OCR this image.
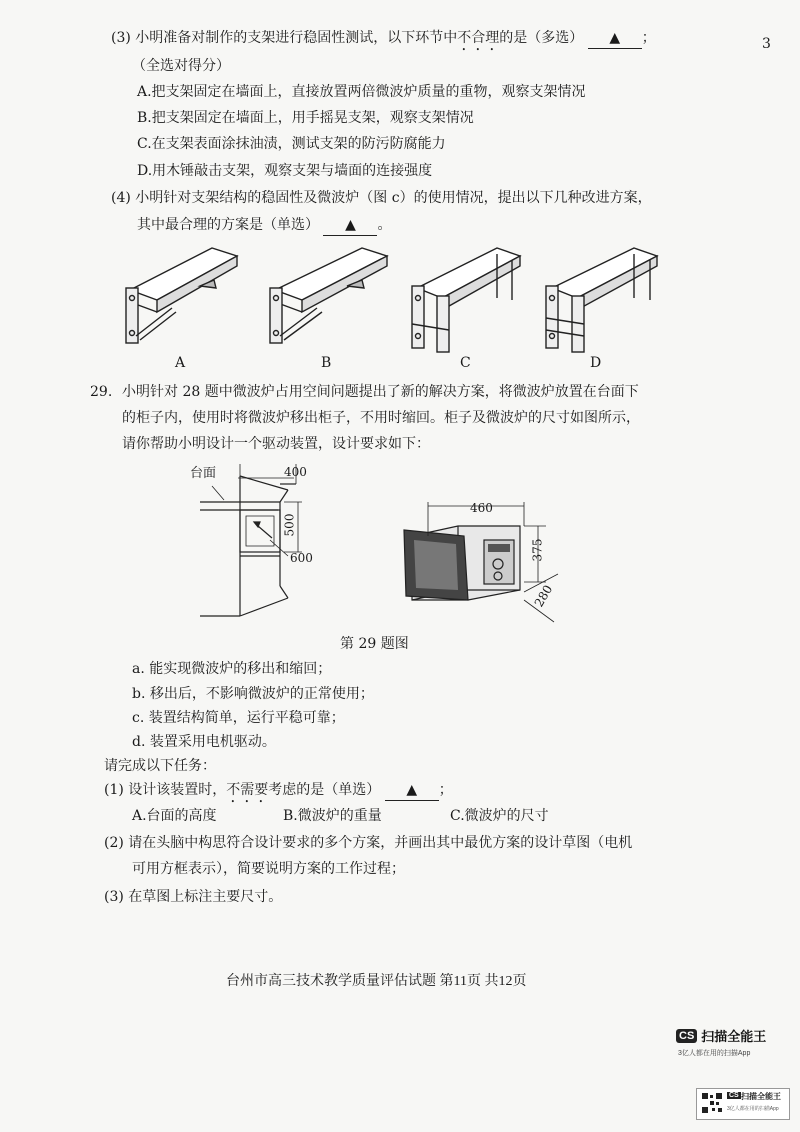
3
(3) 小明准备对制作的支架进行稳固性测试，以下环节中不合理的是（多选） ▲ ；
（全选对得分）
A.把支架固定在墙面上，直接放置两倍微波炉质量的重物，观察支架情况
B.把支架固定在墙面上，用手摇晃支架，观察支架情况
C.在支架表面涂抹油渍，测试支架的防污防腐能力
D.用木锤敲击支架，观察支架与墙面的连接强度
(4) 小明针对支架结构的稳固性及微波炉（图 c）的使用情况，提出以下几种改进方案，
其中最合理的方案是（单选） ▲ 。
A	B	C	D
29. 小明针对 28 题中微波炉占用空间问题提出了新的解决方案，将微波炉放置在台面下
的柜子内，使用时将微波炉移出柜子，不用时缩回。柜子及微波炉的尺寸如图所示，
请你帮助小明设计一个驱动装置，设计要求如下：
台面	400
500
600
460
375
280
第 29 题图
a. 能实现微波炉的移出和缩回；
b. 移出后，不影响微波炉的正常使用；
c. 装置结构简单，运行平稳可靠；
d. 装置采用电机驱动。
请完成以下任务：
(1) 设计该装置时，不需要考虑的是（单选） ▲ ；
A.台面的高度	B.微波炉的重量	C.微波炉的尺寸
(2) 请在头脑中构思符合设计要求的多个方案，并画出其中最优方案的设计草图（电机
可用方框表示），简要说明方案的工作过程；
(3) 在草图上标注主要尺寸。
台州市高三技术教学质量评估试题 第11页 共12页
CS 扫描全能王
3亿人都在用的扫描App
CS 扫描全能王
3亿人都在用的扫描App
